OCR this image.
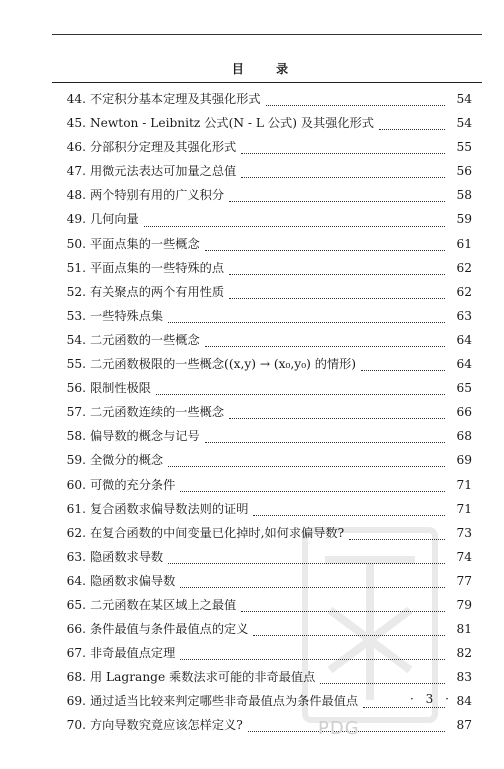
目 录
44. 不定积分基本定理及其强化形式	54
45. Newton - Leibnitz 公式(N - L 公式) 及其强化形式	54
46. 分部积分定理及其强化形式	55
47. 用微元法表达可加量之总值	56
48. 两个特别有用的广义积分	58
49. 几何向量	59
50. 平面点集的一些概念	61
51. 平面点集的一些特殊的点	62
52. 有关聚点的两个有用性质	62
53. 一些特殊点集	63
54. 二元函数的一些概念	64
55. 二元函数极限的一些概念((x,y) → (x₀,y₀) 的情形)	64
56. 限制性极限	65
57. 二元函数连续的一些概念	66
58. 偏导数的概念与记号	68
59. 全微分的概念	69
60. 可微的充分条件	71
61. 复合函数求偏导数法则的证明	71
62. 在复合函数的中间变量已化掉时,如何求偏导数?	73
63. 隐函数求导数	74
64. 隐函数求偏导数	77
65. 二元函数在某区域上之最值	79
66. 条件最值与条件最值点的定义	81
67. 非奇最值点定理	82
68. 用 Lagrange 乘数法求可能的非奇最值点	83
69. 通过适当比较来判定哪些非奇最值点为条件最值点	84
70. 方向导数究竟应该怎样定义?	87
PDG
· 3 ·
